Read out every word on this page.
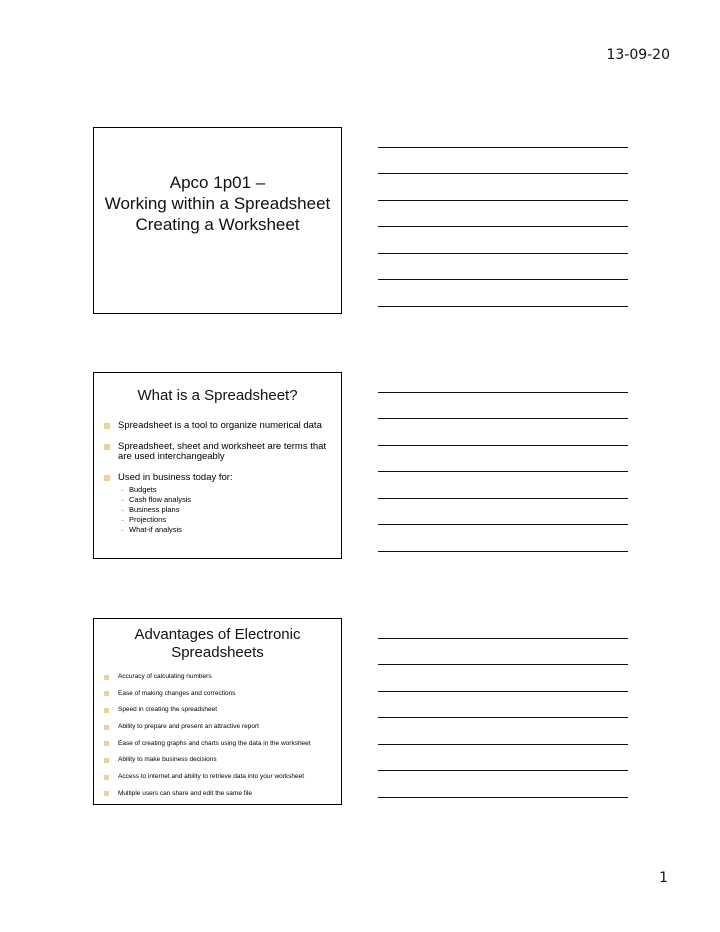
13-09-20
Apco 1p01 –
Working within a Spreadsheet
Creating a Worksheet
What is a Spreadsheet?
Spreadsheet is a tool to organize numerical data
Spreadsheet, sheet and worksheet are terms that are used interchangeably
Used in business today for:
Budgets
Cash flow analysis
Business plans
Projections
What-if analysis
Advantages of Electronic
Spreadsheets
Accuracy of calculating numbers
Ease of making changes and corrections
Speed in creating the spreadsheet
Ability to prepare and present an attractive report
Ease of creating graphs and charts using the data in the worksheet
Ability to make business decisions
Access to internet and ability to retrieve data into your worksheet
Multiple users can share and edit the same file
1
